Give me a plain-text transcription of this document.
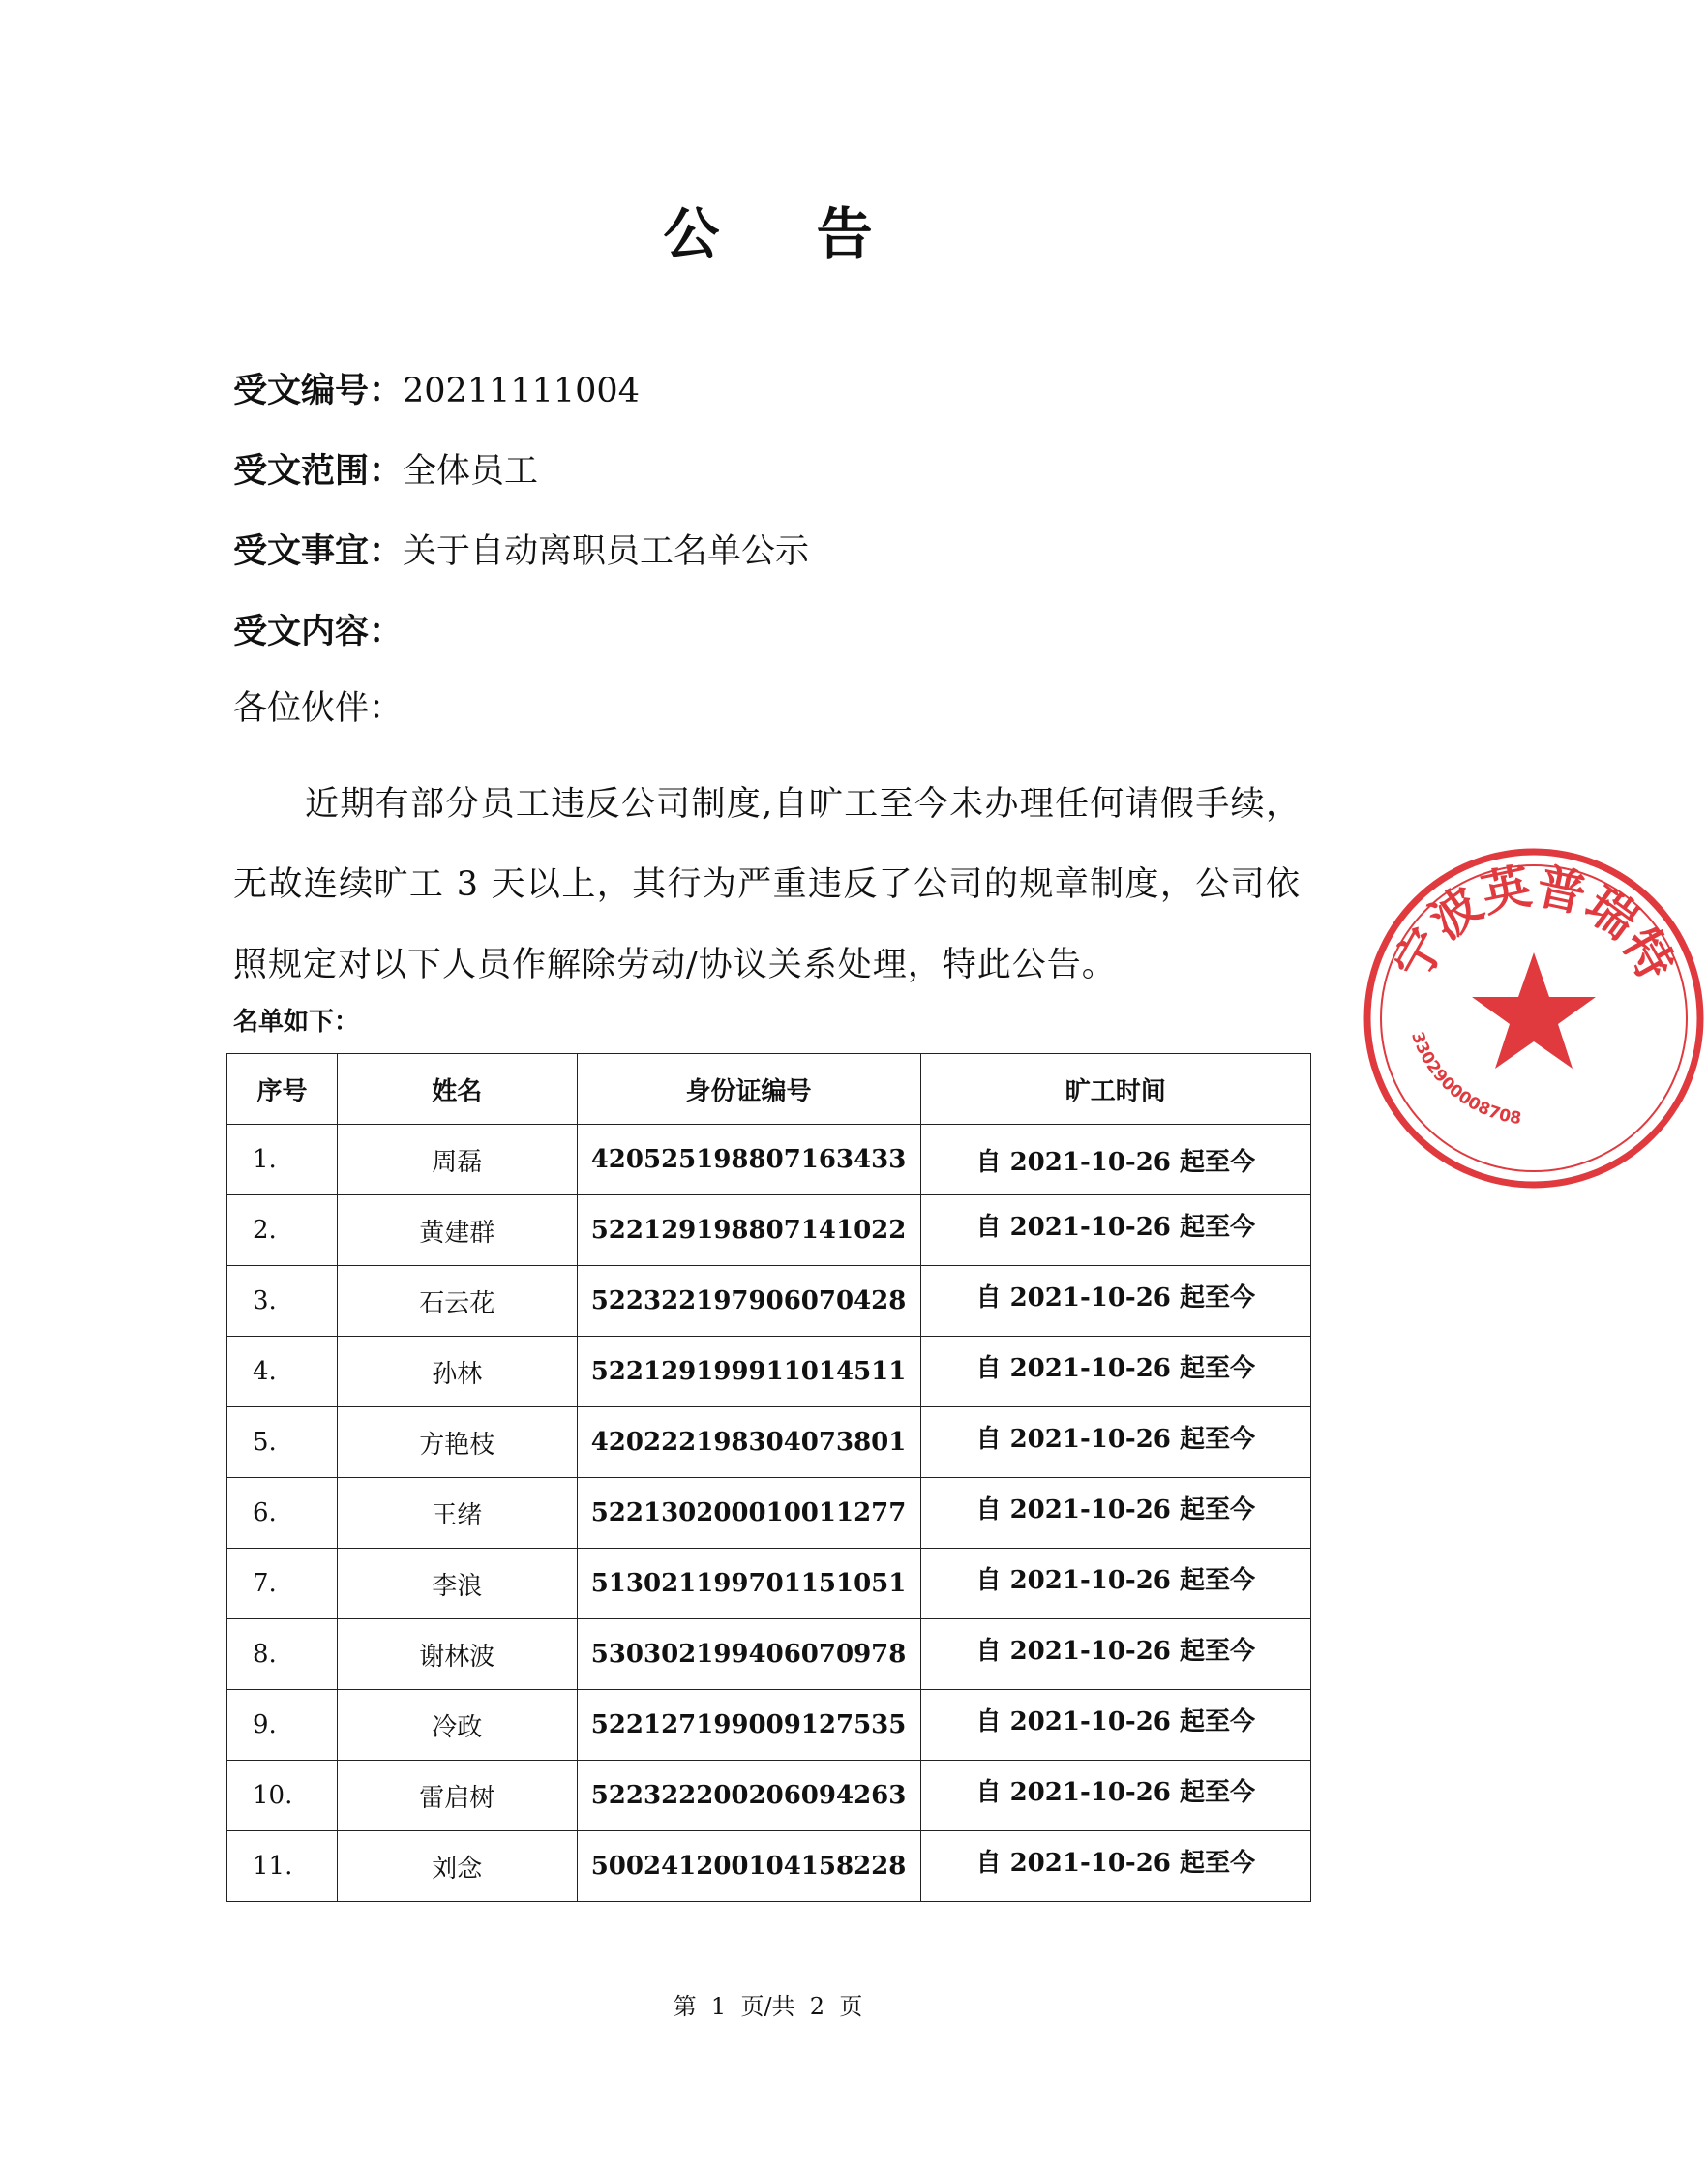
公 告
受文编号：20211111004
受文范围：全体员工
受文事宜：关于自动离职员工名单公示
受文内容：
各位伙伴：
近期有部分员工违反公司制度,自旷工至今未办理任何请假手续，无故连续旷工 3 天以上，其行为严重违反了公司的规章制度，公司依照规定对以下人员作解除劳动/协议关系处理，特此公告。
名单如下：
序号	姓名	身份证编号	旷工时间
1.	周磊	420525198807163433	自 2021-10-26 起至今
2.	黄建群	522129198807141022	自 2021-10-26 起至今
3.	石云花	522322197906070428	自 2021-10-26 起至今
4.	孙林	522129199911014511	自 2021-10-26 起至今
5.	方艳枝	420222198304073801	自 2021-10-26 起至今
6.	王绪	522130200010011277	自 2021-10-26 起至今
7.	李浪	513021199701151051	自 2021-10-26 起至今
8.	谢林波	530302199406070978	自 2021-10-26 起至今
9.	冷政	522127199009127535	自 2021-10-26 起至今
10.	雷启树	522322200206094263	自 2021-10-26 起至今
11.	刘念	500241200104158228	自 2021-10-26 起至今
宁波英普瑞特
3302900008708
第  1  页/共  2  页
